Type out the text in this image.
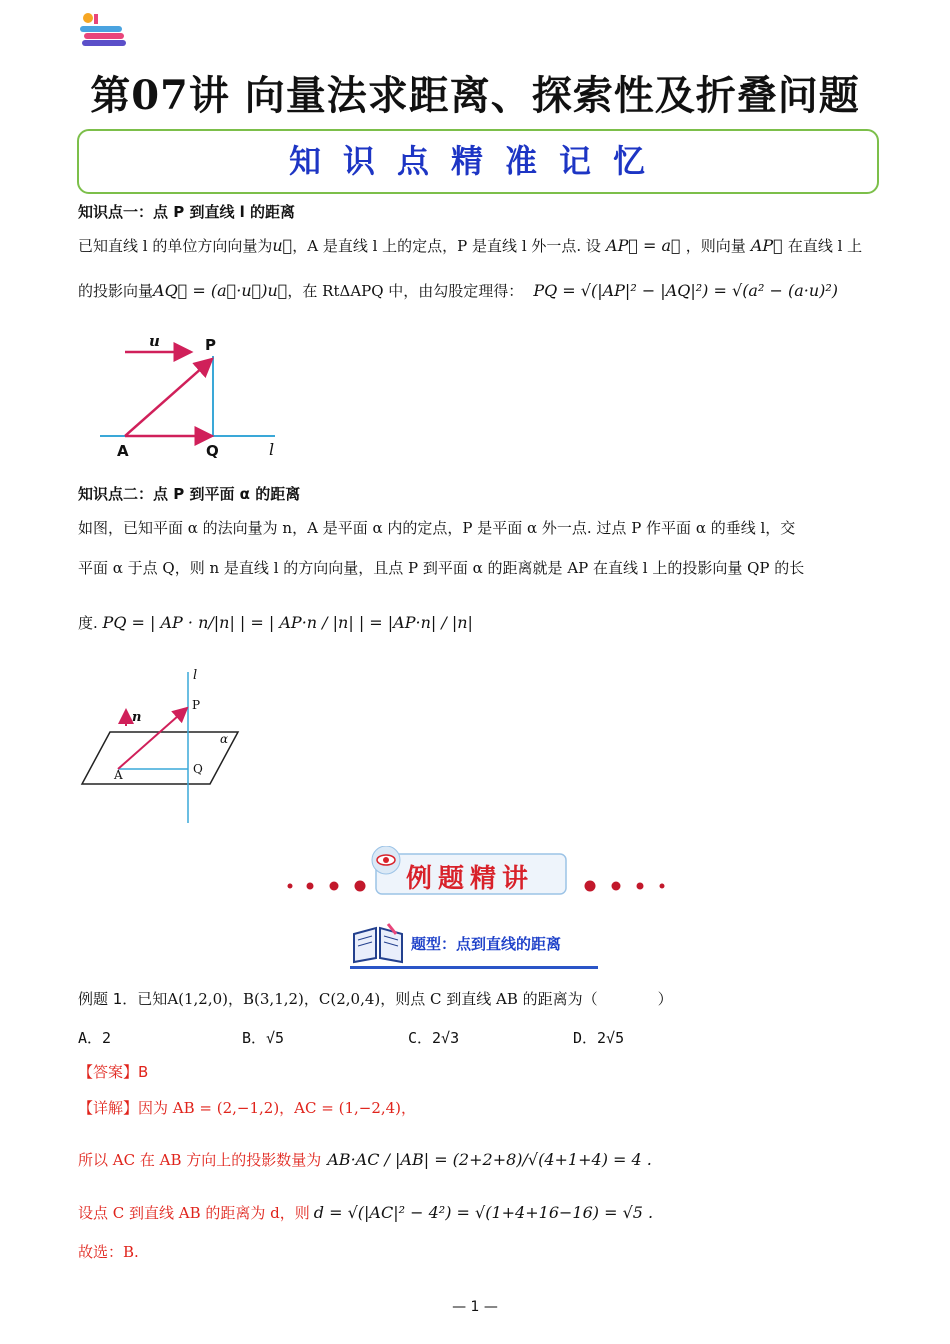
第07讲 向量法求距离、探索性及折叠问题
知识点精准记忆
知识点一：点 P 到直线 l 的距离
已知直线 l 的单位方向向量为u⃗，A 是直线 l 上的定点，P 是直线 l 外一点. 设 AP⃗ = a⃗ ，则向量 AP⃗ 在直线 l 上
的投影向量AQ⃗ = (a⃗·u⃗)u⃗，在 RtΔAPQ 中，由勾股定理得： PQ = √(|AP|² − |AQ|²) = √(a² − (a·u)²)
u	P
A	Q	l
知识点二：点 P 到平面 α 的距离
如图，已知平面 α 的法向量为 n，A 是平面 α 内的定点，P 是平面 α 外一点. 过点 P 作平面 α 的垂线 l，交
平面 α 于点 Q，则 n 是直线 l 的方向向量，且点 P 到平面 α 的距离就是 AP 在直线 l 上的投影向量 QP 的长
度. PQ = | AP · n/|n| | = | AP·n / |n| | = |AP·n| / |n|
l
n
P
α
A	Q
例题精讲
题型：点到直线的距离
例题 1．已知A(1,2,0)，B(3,1,2)，C(2,0,4)，则点 C 到直线 AB 的距离为（　　　　）
A．2	B．√5	C．2√3	D．2√5
【答案】B
【详解】因为 AB = (2,−1,2)，AC = (1,−2,4)，
所以 AC 在 AB 方向上的投影数量为 AB·AC / |AB| = (2+2+8)/√(4+1+4) = 4 .
设点 C 到直线 AB 的距离为 d，则 d = √(|AC|² − 4²) = √(1+4+16−16) = √5 .
故选：B.
— 1 —
